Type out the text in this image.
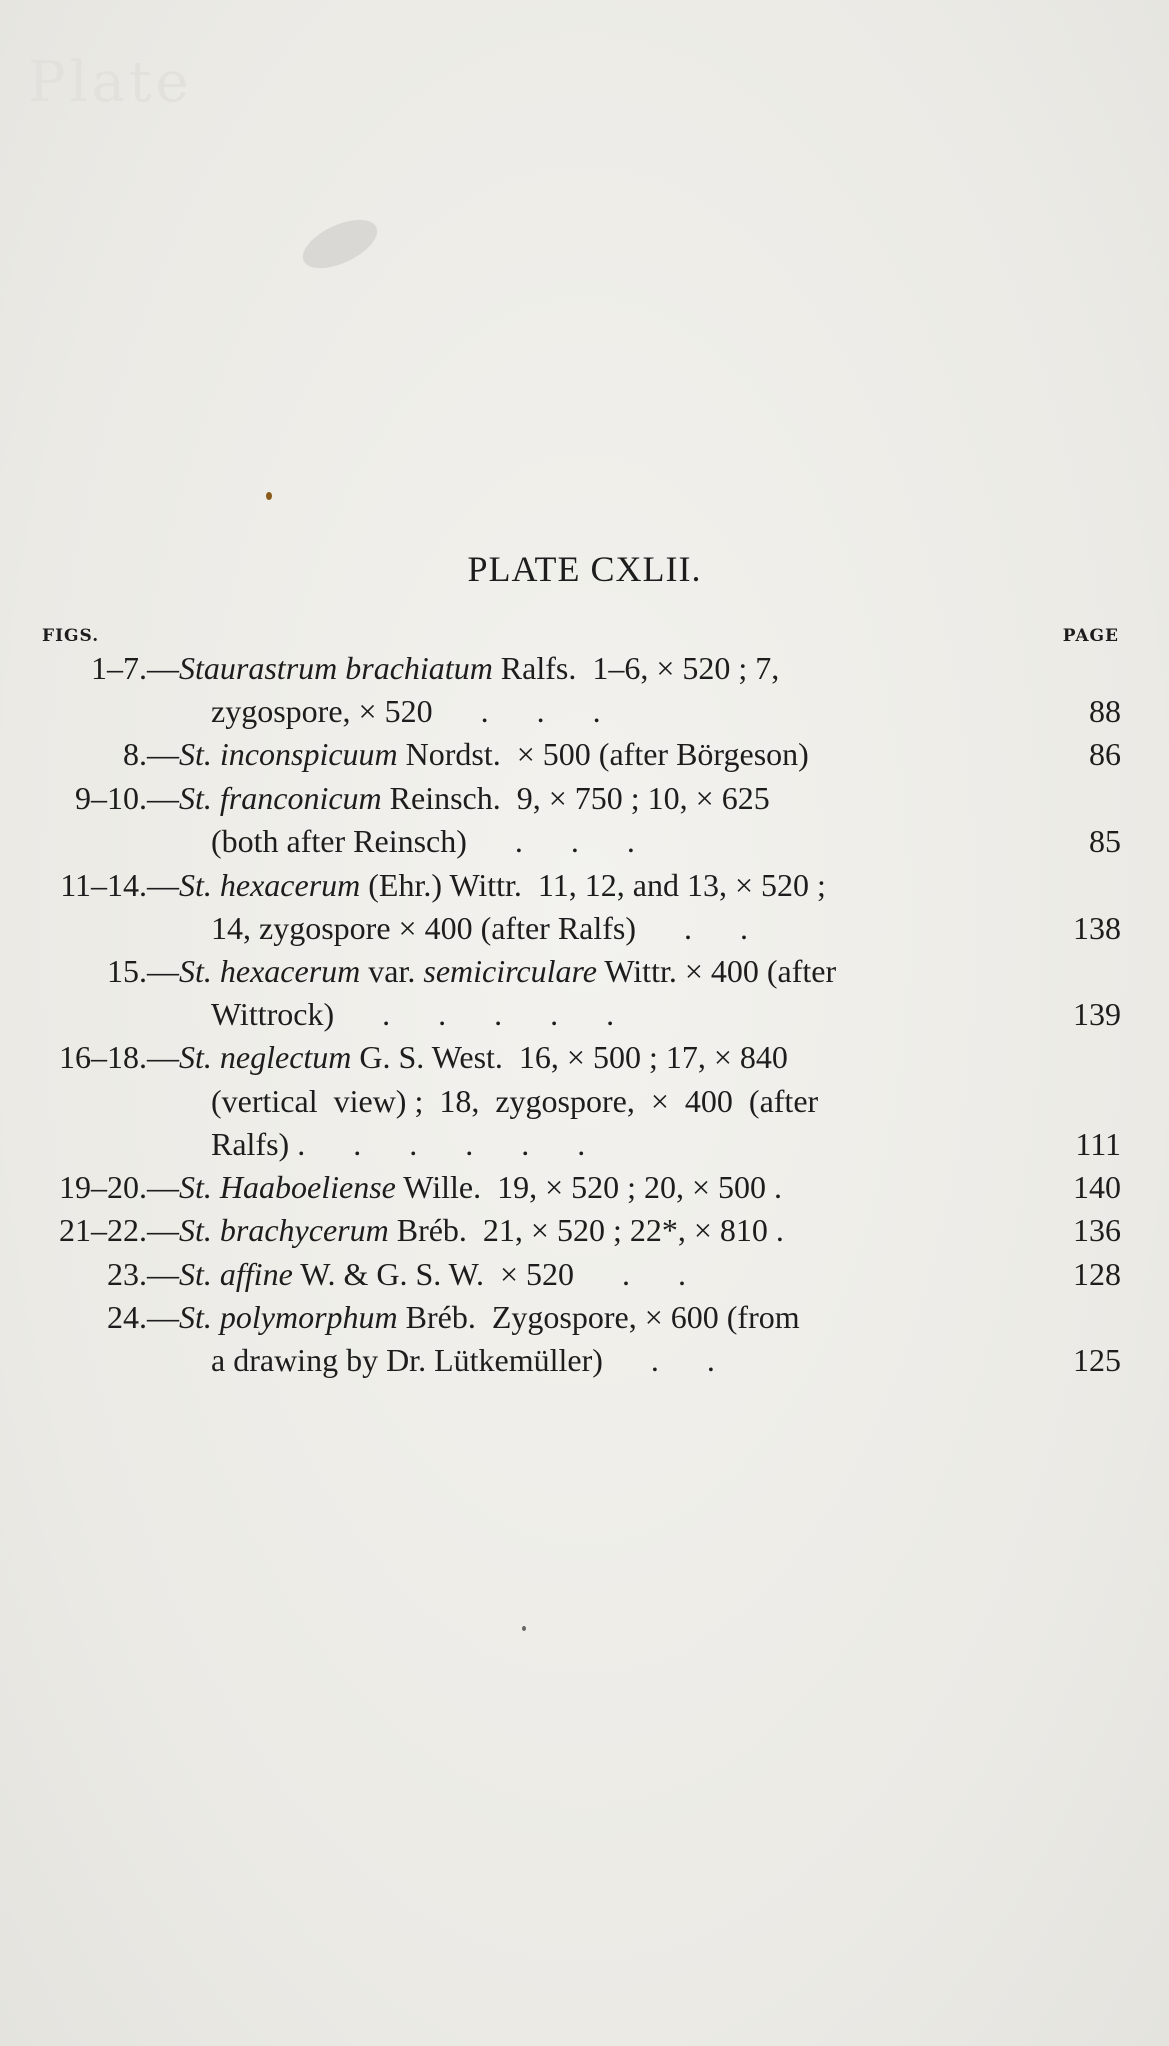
Plate
PLATE CXLII.
FIGS.	PAGE
1–7.— Staurastrum brachiatum Ralfs.  1–6, × 520 ; 7,
zygospore, × 520      .      .      .	88
8.— St. inconspicuum Nordst.  × 500 (after Börgeson)	86
9–10.— St. franconicum Reinsch.  9, × 750 ; 10, × 625
(both after Reinsch)      .      .      .	85
11–14.— St. hexacerum (Ehr.) Wittr.  11, 12, and 13, × 520 ;
14, zygospore × 400 (after Ralfs)      .      .	138
15.— St. hexacerum var. semicirculare Wittr. × 400 (after
Wittrock)      .      .      .      .      .	139
16–18.— St. neglectum G. S. West.  16, × 500 ; 17, × 840
(vertical  view) ;  18,  zygospore,  ×  400  (after
Ralfs) .      .      .      .      .      .	111
19–20.— St. Haaboeliense Wille.  19, × 520 ; 20, × 500 .	140
21–22.— St. brachycerum Bréb.  21, × 520 ; 22*, × 810 .	136
23.— St. affine W. & G. S. W.  × 520      .      .	128
24.— St. polymorphum Bréb.  Zygospore, × 600 (from
a drawing by Dr. Lütkemüller)      .      .	125
